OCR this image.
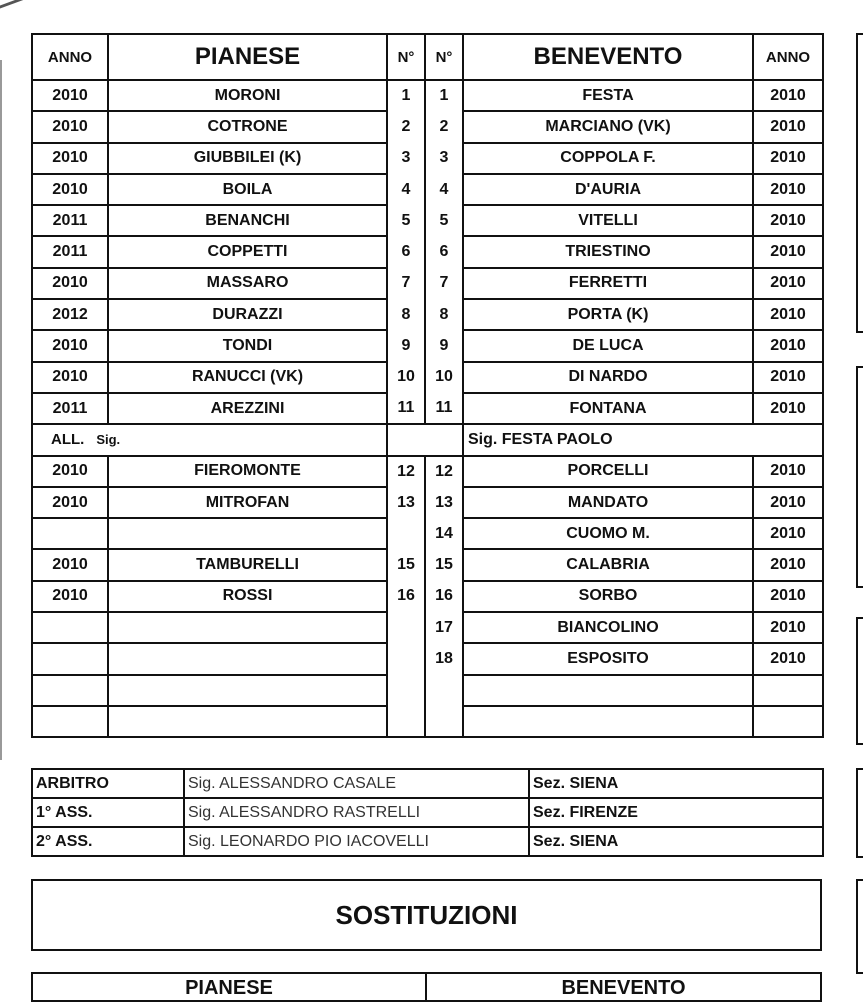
ANNO	PIANESE	N°	N°	BENEVENTO	ANNO
2010	MORONI	1	1	FESTA	2010
2010	COTRONE	2	2	MARCIANO (VK)	2010
2010	GIUBBILEI (K)	3	3	COPPOLA F.	2010
2010	BOILA	4	4	D'AURIA	2010
2011	BENANCHI	5	5	VITELLI	2010
2011	COPPETTI	6	6	TRIESTINO	2010
2010	MASSARO	7	7	FERRETTI	2010
2012	DURAZZI	8	8	PORTA (K)	2010
2010	TONDI	9	9	DE LUCA	2010
2010	RANUCCI (VK)	10	10	DI NARDO	2010
2011	AREZZINI	11	11	FONTANA	2010
ALL. Sig.				Sig. FESTA PAOLO	
2010	FIEROMONTE	12	12	PORCELLI	2010
2010	MITROFAN	13	13	MANDATO	2010
			14	CUOMO M.	2010
2010	TAMBURELLI	15	15	CALABRIA	2010
2010	ROSSI	16	16	SORBO	2010
			17	BIANCOLINO	2010
			18	ESPOSITO	2010

ARBITRO	Sig. ALESSANDRO CASALE	Sez. SIENA
1° ASS.	Sig. ALESSANDRO RASTRELLI	Sez. FIRENZE
2° ASS.	Sig. LEONARDO PIO IACOVELLI	Sez. SIENA
SOSTITUZIONI
PIANESE	BENEVENTO
